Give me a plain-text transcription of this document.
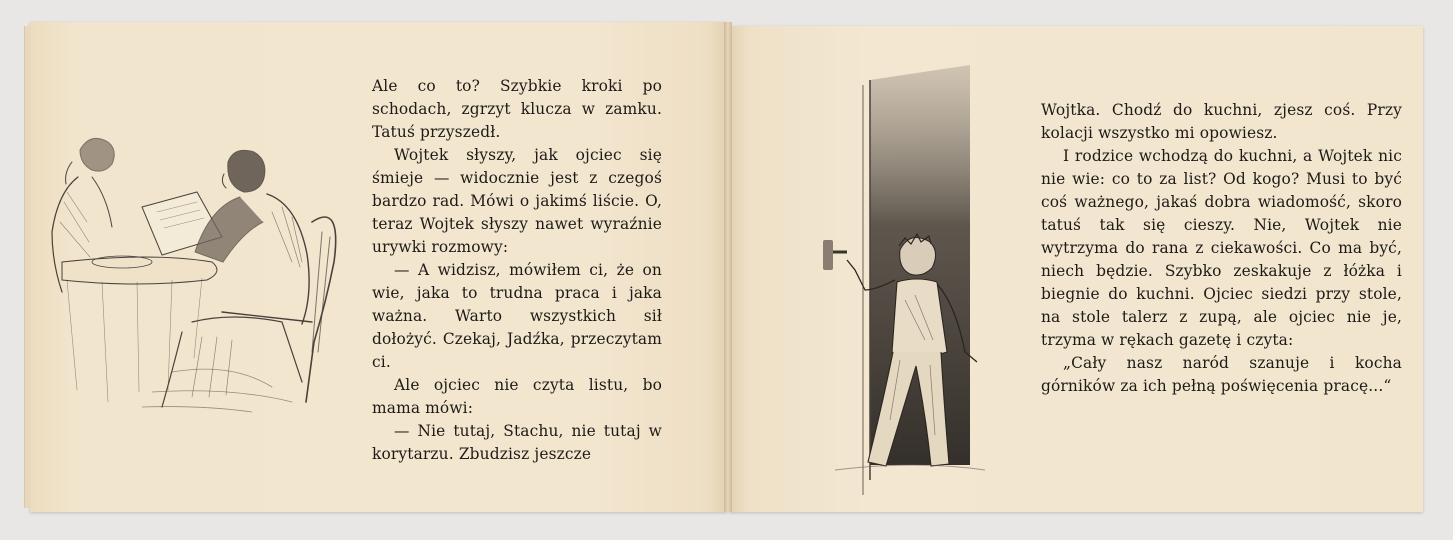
Ale co to? Szybkie kroki po schodach, zgrzyt klucza w zamku. Tatuś przyszedł.

Wojtek słyszy, jak ojciec się śmieje — widocznie jest z czegoś bardzo rad. Mówi o jakimś liście. O, teraz Wojtek słyszy nawet wyraźnie urywki rozmowy:

— A widzisz, mówiłem ci, że on wie, jaka to trudna praca i jaka ważna. Warto wszystkich sił dołożyć. Czekaj, Jadźka, przeczytam ci.

Ale ojciec nie czyta listu, bo mama mówi:

— Nie tutaj, Stachu, nie tutaj w korytarzu. Zbudzisz jeszcze

Wojtka. Chodź do kuchni, zjesz coś. Przy kolacji wszystko mi opowiesz.

I rodzice wchodzą do kuchni, a Wojtek nic nie wie: co to za list? Od kogo? Musi to być coś ważnego, jakaś dobra wiadomość, skoro tatuś tak się cieszy. Nie, Wojtek nie wytrzyma do rana z ciekawości. Co ma być, niech będzie. Szybko zeskakuje z łóżka i biegnie do kuchni. Ojciec siedzi przy stole, na stole talerz z zupą, ale ojciec nie je, trzyma w rękach gazetę i czyta:

„Cały nasz naród szanuje i kocha górników za ich pełną poświęcenia pracę...“
